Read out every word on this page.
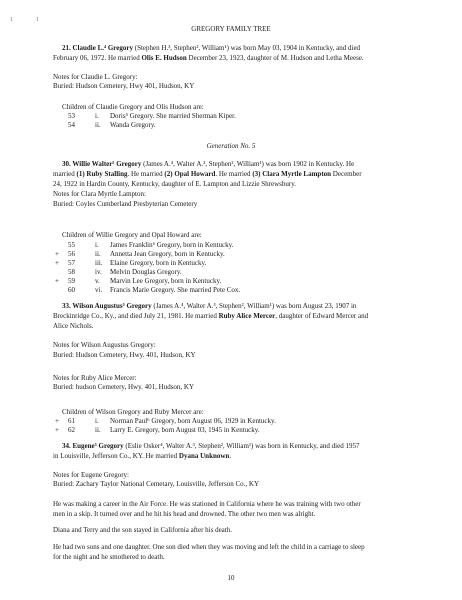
1	1
GREGORY FAMILY TREE
21. Claudie L.⁴ Gregory (Stephen H.³, Stephen², William¹) was born May 03, 1904 in Kentucky, and died
February 06, 1972. He married Olis E. Hudson December 23, 1923, daughter of M. Hudson and Letha Meese.
Notes for Claudie L. Gregory:
Buried: Hudson Cemetery, Hwy 401, Hudson, KY
Children of Claudie Gregory and Olis Hudson are:
53	i. Doris⁵ Gregory. She married Sherman Kiper.
54	ii. Wanda Gregory.
Generation No. 5
30. Willie Walter⁵ Gregory (James A.⁴, Walter A.³, Stephen², William¹) was born 1902 in Kentucky. He
married (1) Ruby Stalling. He married (2) Opal Howard. He married (3) Clara Myrtle Lampton December
24, 1922 in Hardin County, Kentucky, daughter of E. Lampton and Lizzie Shrewsbury.
Notes for Clara Myrtle Lampton:
Buried: Coyles Cumberland Presbyterian Cemetery
Children of Willie Gregory and Opal Howard are:
55	i. James Franklin⁶ Gregory, born in Kentucky.
+ 56	ii. Annetta Jean Gregory, born in Kentucky.
+ 57	iii. Elaine Gregory, born in Kentucky.
58	iv. Melvin Douglas Gregory.
+ 59	v. Marvin Lee Gregory, born in Kentucky.
60	vi. Francis Marie Gregory. She married Pete Cox.
33. Wilson Augustus⁵ Gregory (James A.⁴, Walter A.³, Stephen², William¹) was born August 23, 1907 in
Breckinridge Co., Ky., and died July 21, 1981. He married Ruby Alice Mercer, daughter of Edward Mercer and
Alice Nichols.
Notes for Wilson Augustus Gregory:
Buried: Hudson Cemetery, Hwy. 401, Hudson, KY
Notes for Ruby Alice Mercer:
Buried: hudson Cemetery, Hwy. 401, Hudson, KY
Children of Wilson Gregory and Ruby Mercer are:
+ 61	i. Norman Paul⁶ Gregory, born August 06, 1929 in Kentucky.
+ 62	ii. Larry E. Gregory, born August 03, 1945 in Kentucky.
34. Eugene⁵ Gregory (Eslie Osker⁴, Walter A.³, Stephen², William¹) was born in Kentucky, and died 1957
in Louisville, Jefferson Co., KY. He married Dyana Unknown.
Notes for Eugene Gregory:
Buried: Zachary Taylor National Cemetary, Louisville, Jefferson Co., KY
He was making a career in the Air Force. He was stationed in California where he was training with two other
men in a skip. It turned over and he hit his head and drowned. The other two men was alright.
Diana and Terry and the son stayed in California after his death.
He had two sons and one daughter. One son died when they was moving and left the child in a carriage to sleep
for the night and he smothered to death.
10
